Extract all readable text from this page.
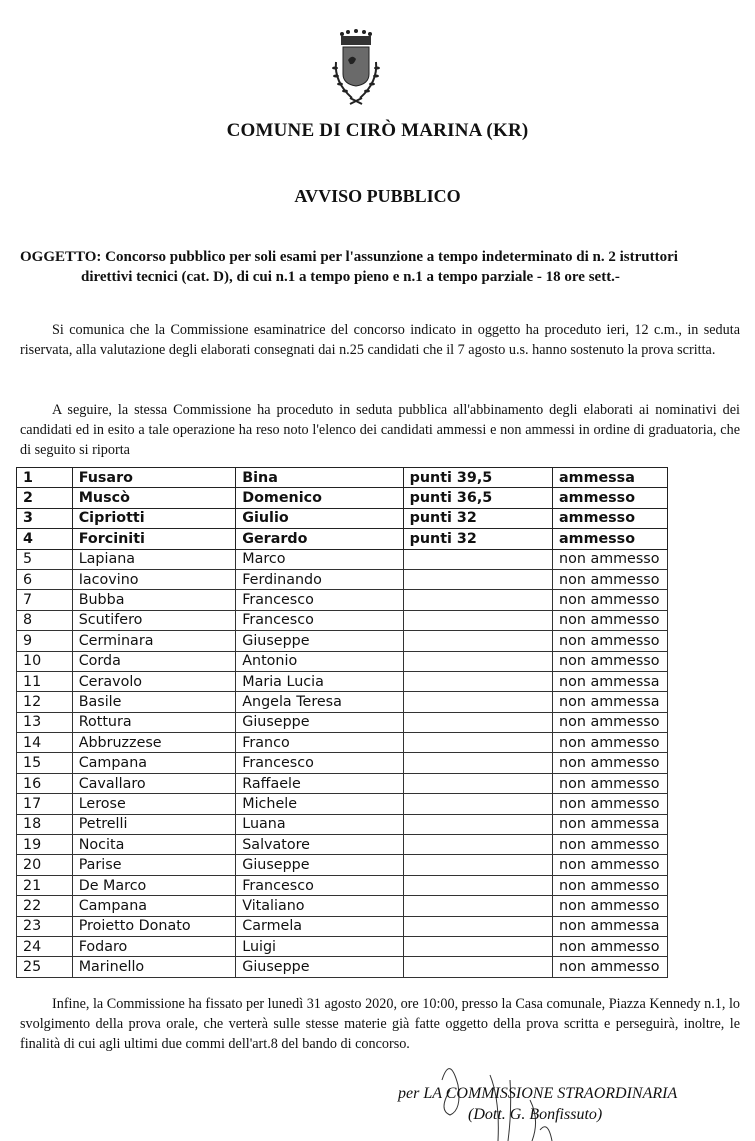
COMUNE DI CIRÒ MARINA (KR)
AVVISO PUBBLICO
OGGETTO: Concorso pubblico per soli esami per l'assunzione a tempo indeterminato di n. 2 istruttori
direttivi tecnici (cat. D), di cui n.1 a tempo pieno e n.1 a tempo parziale - 18 ore sett.-
Si comunica che la Commissione esaminatrice del concorso indicato in oggetto ha proceduto ieri, 12 c.m., in seduta riservata, alla valutazione degli elaborati consegnati dai n.25 candidati che il 7 agosto u.s. hanno sostenuto la prova scritta.
A seguire, la stessa Commissione ha proceduto in seduta pubblica all'abbinamento degli elaborati ai nominativi dei candidati ed in esito a tale operazione ha reso noto l'elenco dei candidati ammessi e non ammessi in ordine di graduatoria, che di seguito si riporta
1	Fusaro	Bina	punti 39,5	ammessa
2	Muscò	Domenico	punti 36,5	ammesso
3	Cipriotti	Giulio	punti 32	ammesso
4	Forciniti	Gerardo	punti 32	ammesso
5	Lapiana	Marco		non ammesso
6	Iacovino	Ferdinando		non ammesso
7	Bubba	Francesco		non ammesso
8	Scutifero	Francesco		non ammesso
9	Cerminara	Giuseppe		non ammesso
10	Corda	Antonio		non ammesso
11	Ceravolo	Maria Lucia		non ammessa
12	Basile	Angela Teresa		non ammessa
13	Rottura	Giuseppe		non ammesso
14	Abbruzzese	Franco		non ammesso
15	Campana	Francesco		non ammesso
16	Cavallaro	Raffaele		non ammesso
17	Lerose	Michele		non ammesso
18	Petrelli	Luana		non ammessa
19	Nocita	Salvatore		non ammesso
20	Parise	Giuseppe		non ammesso
21	De Marco	Francesco		non ammesso
22	Campana	Vitaliano		non ammesso
23	Proietto Donato	Carmela		non ammessa
24	Fodaro	Luigi		non ammesso
25	Marinello	Giuseppe		non ammesso
Infine, la Commissione ha fissato per lunedì 31 agosto 2020, ore 10:00, presso la Casa comunale, Piazza Kennedy n.1, lo svolgimento della prova orale, che verterà sulle stesse materie già fatte oggetto della prova scritta e perseguirà, inoltre, le finalità di cui agli ultimi due commi dell'art.8 del bando di concorso.
per LA COMMISSIONE STRAORDINARIA
(Dott. G. Bonfissuto)
